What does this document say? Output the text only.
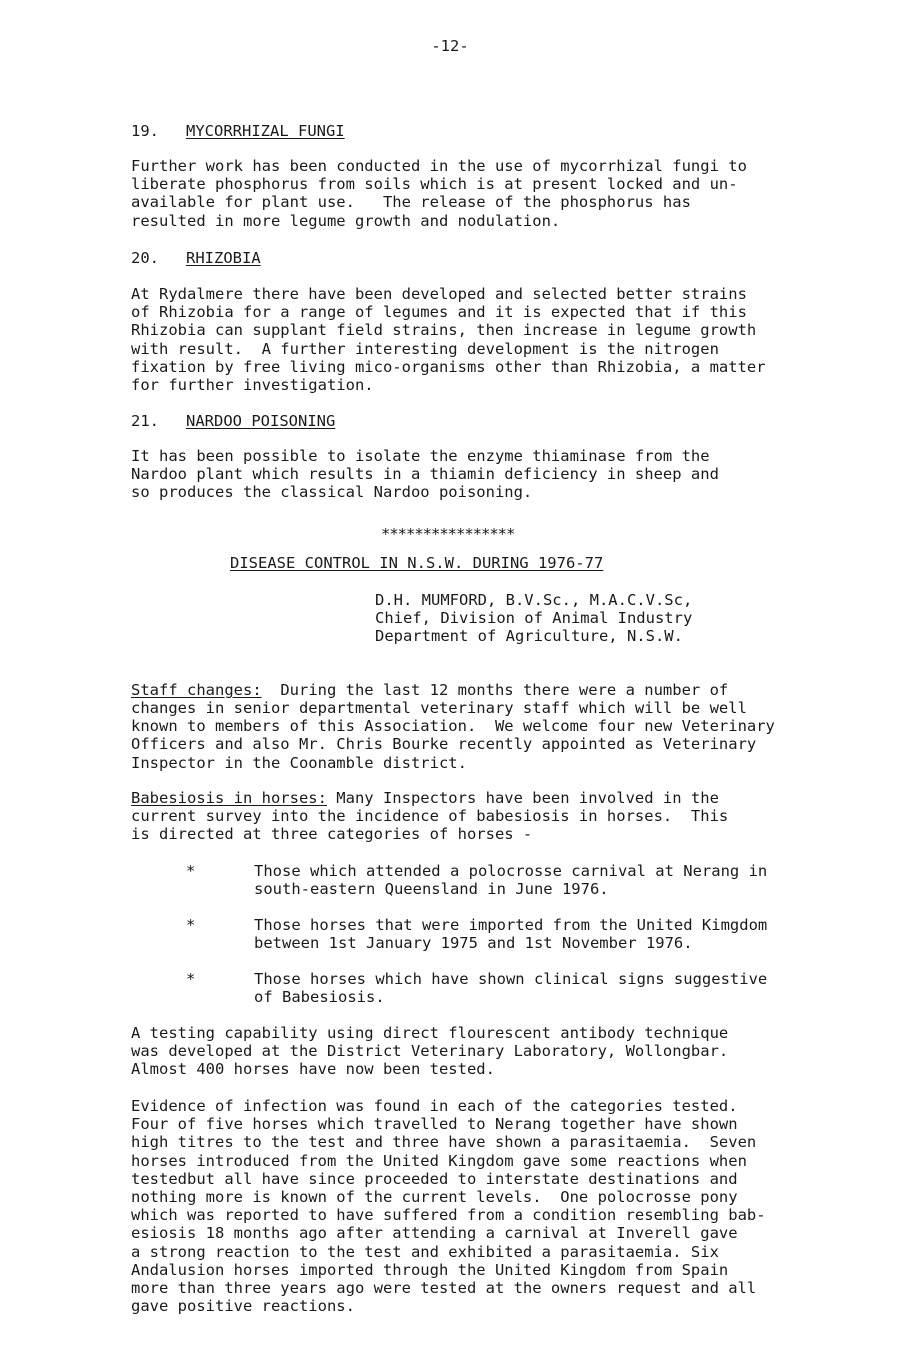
-12-
19. MYCORRHIZAL FUNGI
Further work has been conducted in the use of mycorrhizal fungi to
liberate phosphorus from soils which is at present locked and un-
available for plant use.   The release of the phosphorus has
resulted in more legume growth and nodulation.
20. RHIZOBIA
At Rydalmere there have been developed and selected better strains
of Rhizobia for a range of legumes and it is expected that if this
Rhizobia can supplant field strains, then increase in legume growth
with result.  A further interesting development is the nitrogen
fixation by free living mico-organisms other than Rhizobia, a matter
for further investigation.
21. NARDOO POISONING
It has been possible to isolate the enzyme thiaminase from the
Nardoo plant which results in a thiamin deficiency in sheep and
so produces the classical Nardoo poisoning.
****************
DISEASE CONTROL IN N.S.W. DURING 1976-77
D.H. MUMFORD, B.V.Sc., M.A.C.V.Sc,
Chief, Division of Animal Industry
Department of Agriculture, N.S.W.
Staff changes:  During the last 12 months there were a number of
changes in senior departmental veterinary staff which will be well
known to members of this Association.  We welcome four new Veterinary
Officers and also Mr. Chris Bourke recently appointed as Veterinary
Inspector in the Coonamble district.
Babesiosis in horses: Many Inspectors have been involved in the
current survey into the incidence of babesiosis in horses.  This
is directed at three categories of horses -
*	Those which attended a polocrosse carnival at Nerang in
south-eastern Queensland in June 1976.
*	Those horses that were imported from the United Kimgdom
between 1st January 1975 and 1st November 1976.
*	Those horses which have shown clinical signs suggestive
of Babesiosis.
A testing capability using direct flourescent antibody technique
was developed at the District Veterinary Laboratory, Wollongbar.
Almost 400 horses have now been tested.
Evidence of infection was found in each of the categories tested.
Four of five horses which travelled to Nerang together have shown
high titres to the test and three have shown a parasitaemia.  Seven
horses introduced from the United Kingdom gave some reactions when
testedbut all have since proceeded to interstate destinations and
nothing more is known of the current levels.  One polocrosse pony
which was reported to have suffered from a condition resembling bab-
esiosis 18 months ago after attending a carnival at Inverell gave
a strong reaction to the test and exhibited a parasitaemia. Six
Andalusion horses imported through the United Kingdom from Spain
more than three years ago were tested at the owners request and all
gave positive reactions.
